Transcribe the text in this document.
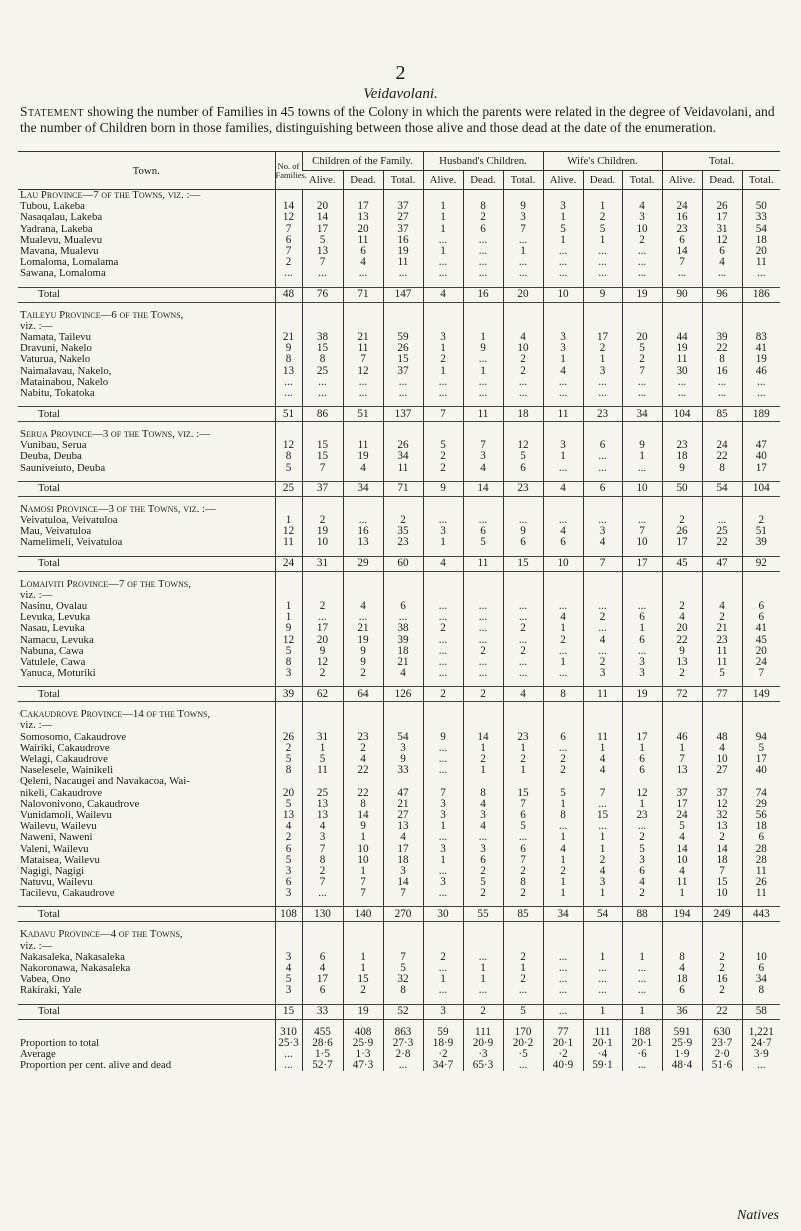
2
Veidavolani.
Statement showing the number of Families in 45 towns of the Colony in which the parents were related in the degree of Veidavolani, and the number of Children born in those families, distinguishing between those alive and those dead at the date of the enumeration.
Town.	No. of Families.	Children of the Family.			Husband's Children.			Wife's Children.			Total.		
		Alive.	Dead.	Total.	Alive.	Dead.	Total.	Alive.	Dead.	Total.	Alive.	Dead.	Total.
Lau Province—7 of the Towns, viz. :—													
Tubou, Lakeba	14	20	17	37	1	8	9	3	1	4	24	26	50
Nasaqalau, Lakeba	12	14	13	27	1	2	3	1	2	3	16	17	33
Yadrana, Lakeba	7	17	20	37	1	6	7	5	5	10	23	31	54
Mualevu, Mualevu	6	5	11	16	...	...	...	1	1	2	6	12	18
Mavana, Mualevu	7	13	6	19	1	...	1	...	...	...	14	6	20
Lomaloma, Lomalama	2	7	4	11	...	...	...	...	...	...	7	4	11
Sawana, Lomaloma	...	...	...	...	...	...	...	...	...	...	...	...	...

Total	48	76	71	147	4	16	20	10	9	19	90	96	186

Taileyu Province—6 of the Towns,													
viz. :—													
Namata, Tailevu	21	38	21	59	3	1	4	3	17	20	44	39	83
Dravuni, Nakelo	9	15	11	26	1	9	10	3	2	5	19	22	41
Vaturua, Nakelo	8	8	7	15	2	...	2	1	1	2	11	8	19
Naimalavau, Nakelo,	13	25	12	37	1	1	2	4	3	7	30	16	46
Matainabou, Nakelo	...	...	...	...	...	...	...	...	...	...	...	...	...
Nabitu, Tokatoka	...	...	...	...	...	...	...	...	...	...	...	...	...

Total	51	86	51	137	7	11	18	11	23	34	104	85	189

Serua Province—3 of the Towns, viz. :—													
Vunibau, Serua	12	15	11	26	5	7	12	3	6	9	23	24	47
Deuba, Deuba	8	15	19	34	2	3	5	1	...	1	18	22	40
Sauniveiuto, Deuba	5	7	4	11	2	4	6	...	...	...	9	8	17

Total	25	37	34	71	9	14	23	4	6	10	50	54	104

Namosi Province—3 of the Towns, viz. :—													
Veivatuloa, Veivatuloa	1	2	...	2	...	...	...	...	...	...	2	...	2
Mau, Veivatuloa	12	19	16	35	3	6	9	4	3	7	26	25	51
Namelimeli, Veivatuloa	11	10	13	23	1	5	6	6	4	10	17	22	39

Total	24	31	29	60	4	11	15	10	7	17	45	47	92

Lomaiviti Province—7 of the Towns,													
viz. :—													
Nasinu, Ovalau	1	2	4	6	...	...	...	...	...	...	2	4	6
Levuka, Levuka	1	...	...	...	...	...	...	4	2	6	4	2	6
Nasau, Levuka	9	17	21	38	2	...	2	1	...	1	20	21	41
Namacu, Levuka	12	20	19	39	...	...	...	2	4	6	22	23	45
Nabuna, Cawa	5	9	9	18	...	2	2	...	...	...	9	11	20
Vatulele, Cawa	8	12	9	21	...	...	...	1	2	3	13	11	24
Yanuca, Moturiki	3	2	2	4	...	...	...	...	3	3	2	5	7

Total	39	62	64	126	2	2	4	8	11	19	72	77	149

Cakaudrove Province—14 of the Towns,													
viz. :—													
Somosomo, Cakaudrove	26	31	23	54	9	14	23	6	11	17	46	48	94
Wairiki, Cakaudrove	2	1	2	3	...	1	1	...	1	1	1	4	5
Welagi, Cakaudrove	5	5	4	9	...	2	2	2	4	6	7	10	17
Naselesele, Wainikeli	8	11	22	33	...	1	1	2	4	6	13	27	40
Qeleni, Nacaugei and Navakacoa, Wai-													
nikeli, Cakaudrove	20	25	22	47	7	8	15	5	7	12	37	37	74
Nalovonivono, Cakaudrove	5	13	8	21	3	4	7	1	...	1	17	12	29
Vunidamoli, Wailevu	13	13	14	27	3	3	6	8	15	23	24	32	56
Wailevu, Wailevu	4	4	9	13	1	4	5	...	...	...	5	13	18
Naweni, Naweni	2	3	1	4	...	...	...	1	1	2	4	2	6
Valeni, Wailevu	6	7	10	17	3	3	6	4	1	5	14	14	28
Mataisea, Wailevu	5	8	10	18	1	6	7	1	2	3	10	18	28
Nagigi, Nagigi	3	2	1	3	...	2	2	2	4	6	4	7	11
Natuvu, Wailevu	6	7	7	14	3	5	8	1	3	4	11	15	26
Tacilevu, Cakaudrove	3	...	7	7	...	2	2	1	1	2	1	10	11

Total	108	130	140	270	30	55	85	34	54	88	194	249	443

Kadavu Province—4 of the Towns,													
viz. :—													
Nakasaleka, Nakasaleka	3	6	1	7	2	...	2	...	1	1	8	2	10
Nakoronawa, Nakasaleka	4	4	1	5	...	1	1	...	...	...	4	2	6
Vabea, Ono	5	17	15	32	1	1	2	...	...	...	18	16	34
Rakiraki, Yale	3	6	2	8	...	...	...	...	...	...	6	2	8

Total	15	33	19	52	3	2	5	...	1	1	36	22	58

	310	455	408	863	59	111	170	77	111	188	591	630	1,221
Proportion to total	25·3	28·6	25·9	27·3	18·9	20·9	20·2	20·1	20·1	20·1	25·9	23·7	24·7
Average	...	1·5	1·3	2·8	·2	·3	·5	·2	·4	·6	1·9	2·0	3·9
Proportion per cent. alive and dead	...	52·7	47·3	...	34·7	65·3	...	40·9	59·1	...	48·4	51·6	...
Natives
